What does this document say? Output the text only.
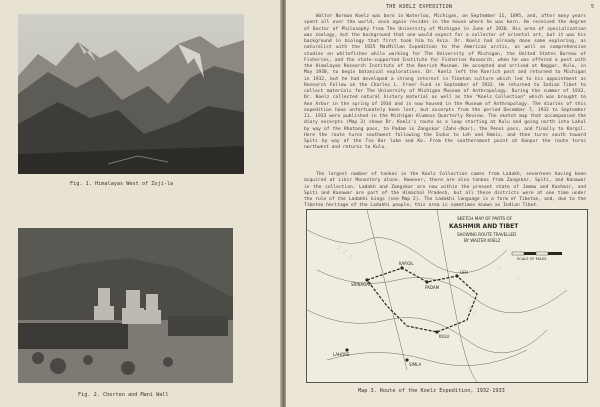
Fig. 1. Himalayas West of Zoji-la
Fig. 2. Chorten and Mani Wall
THE KOELZ EXPEDITION	5

Walter Norman Koelz was born in Waterloo, Michigan, on September 11, 1895, and, after many years spent all over the world, once again resides in the house where he was born. He received the degree of Doctor of Philosophy from The University of Michigan in June of 1920. His area of specialization was zoology, but the background that one would expect for a collector of oriental art, but it was his background in biology that first took him to Asia. Dr. Koelz had already done some exploring, as naturalist with the 1925 MacMillan Expedition to the American arctic, as well as comprehensive studies on whitefishes while working for The University of Michigan, the United States Bureau of Fisheries, and the state-supported Institute for Fisheries Research, when he was offered a post with the Himalayan Research Institute of the Roerich Museum. He accepted and arrived at Naggar, Kulu, in May 1930, to begin botanical explorations. Dr. Koelz left the Roerich post and returned to Michigan in 1932, but he had developed a strong interest in Tibetan culture which led to his appointment as Research Fellow on the Charles L. Freer Fund in September of 1932. He returned to Indian Tibet to collect materials for The University of Michigan Museum of Anthropology. During the summer of 1933, Dr. Koelz collected natural history material as well as the "Koelz Collection" which was brought to Ann Arbor in the spring of 1934 and is now housed in the Museum of Anthropology. The diaries of this expedition have unfortunately been lost, but excerpts from the period December 7, 1932 to September 11, 1933 were published in the Michigan Alumnus Quarterly Review. The sketch map that accompanied the diary excerpts (Map 3) shows Dr. Koelz's route as a loop starting at Kulu and going north into Lahul by way of the Rhotang pass, to Padam in Zangskar (Zahs-dkar), the Pensi pass, and finally to Kargil. Here the route turns southwest following the Indus to Leh and Hemis, and then turns south toward Spiti by way of the Tso Kar lake and Ko. From the southernmost point at Kanpur the route turns northwest and returns to Kulu.

The largest number of tankas in the Koelz Collection comes from Ladakh, seventeen having been acquired at Likir Monastery alone. However, there are also tankas from Zangskar, Spiti, and Kanawar in the collection. Ladakh and Zangskar are now within the present state of Jammu and Kashmir, and Spiti and Kanawar are part of the Himachal Pradesh, but all these districts were at one time under the rule of the Ladakhi kings (see Map 2). The Ladakhi language is a form of Tibetan, and, due to the Tibetan heritage of the Ladakhi people, this area is sometimes known as Indian Tibet.

SKETCH MAP OF PARTS OF
KASHMIR AND TIBET
SHOWING ROUTE TRAVELLED
BY WALTER KOELZ
SCALE OF MILES
SRINAGAR
LEH
KULU
LAHORE
SIMLA
KARGIL
PADAM
Map 3. Route of the Koelz Expedition, 1932-1933
